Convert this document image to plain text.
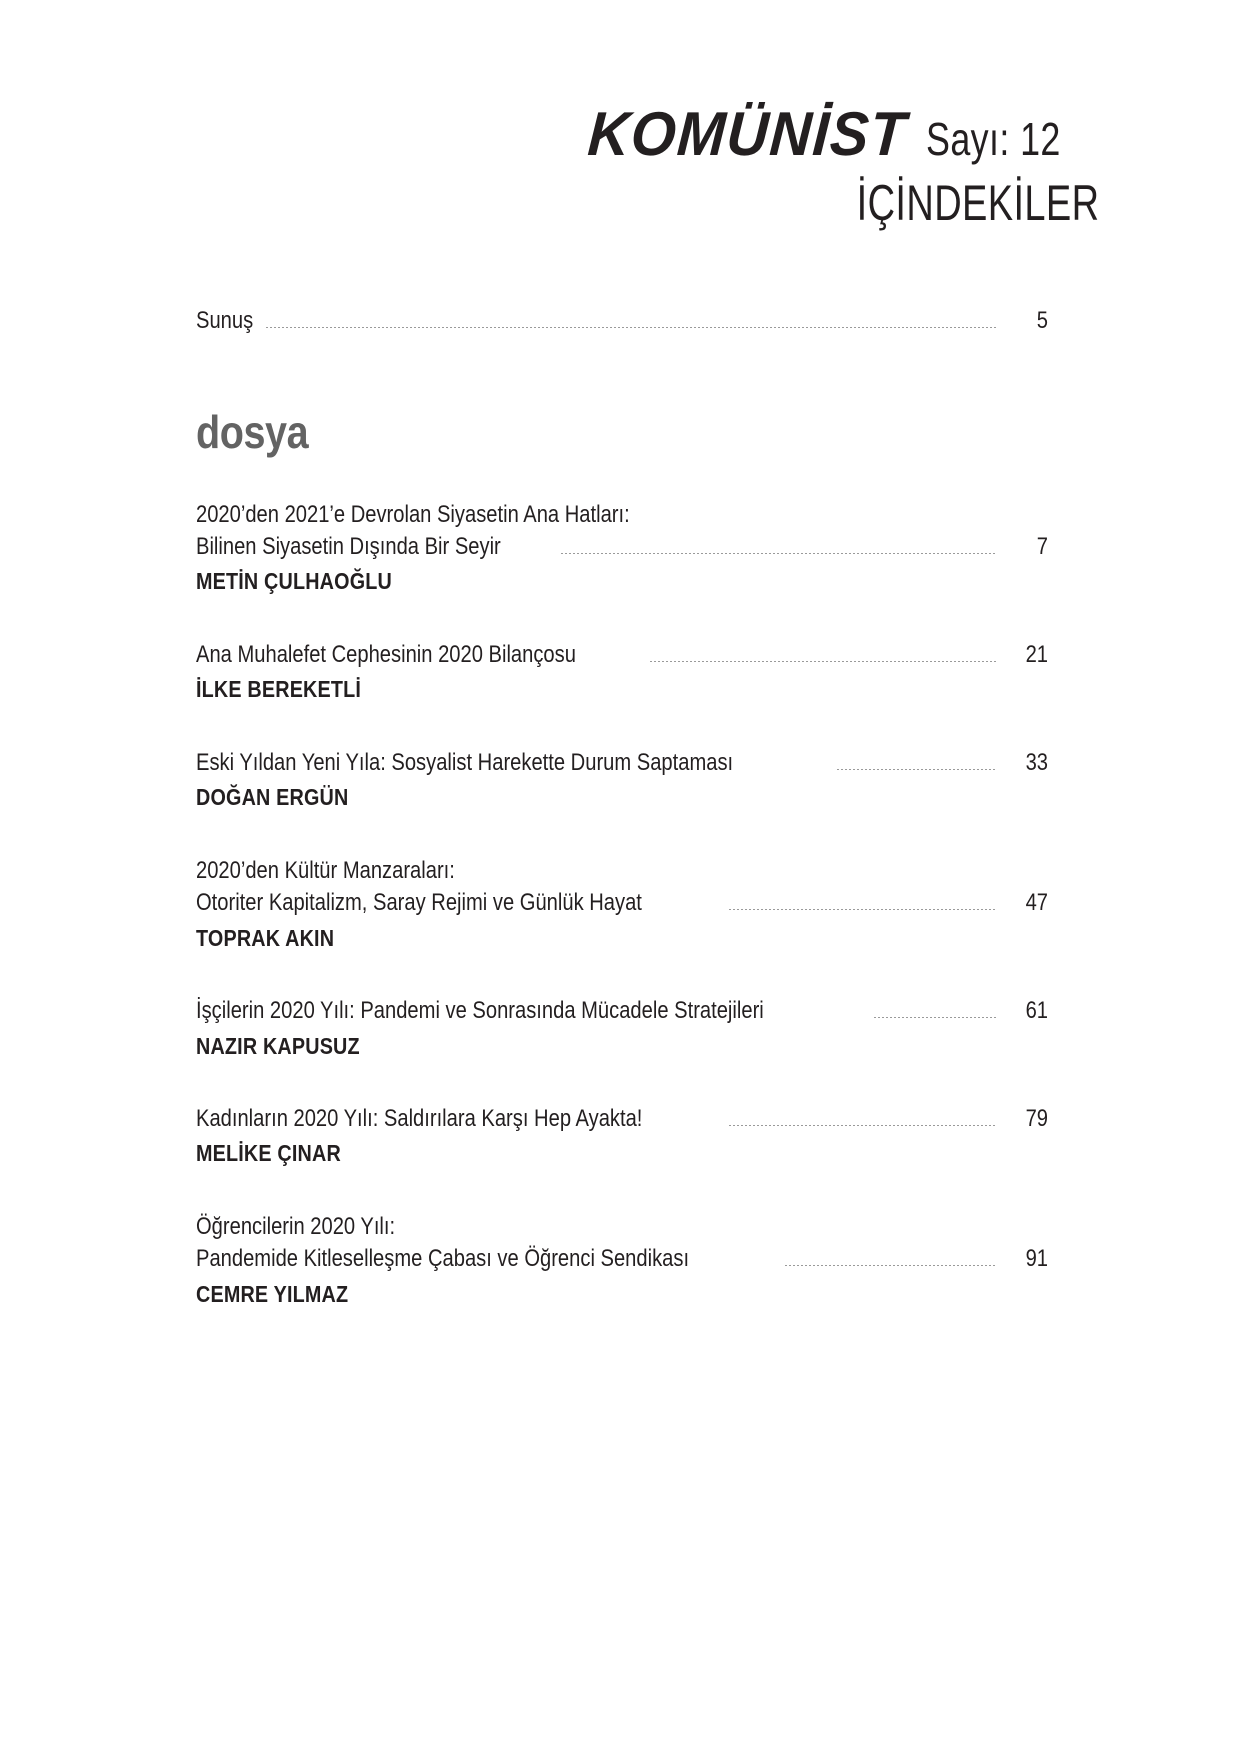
KOMÜNİST Sayı: 12
İÇİNDEKİLER
Sunuş	5
dosya
2020’den 2021’e Devrolan Siyasetin Ana Hatları:
Bilinen Siyasetin Dışında Bir Seyir	7
METİN ÇULHAOĞLU
Ana Muhalefet Cephesinin 2020 Bilançosu	21
İLKE BEREKETLİ
Eski Yıldan Yeni Yıla: Sosyalist Harekette Durum Saptaması	33
DOĞAN ERGÜN
2020’den Kültür Manzaraları:
Otoriter Kapitalizm, Saray Rejimi ve Günlük Hayat	47
TOPRAK AKIN
İşçilerin 2020 Yılı: Pandemi ve Sonrasında Mücadele Stratejileri	61
NAZIR KAPUSUZ
Kadınların 2020 Yılı: Saldırılara Karşı Hep Ayakta!	79
MELİKE ÇINAR
Öğrencilerin 2020 Yılı:
Pandemide Kitleselleşme Çabası ve Öğrenci Sendikası	91
CEMRE YILMAZ
